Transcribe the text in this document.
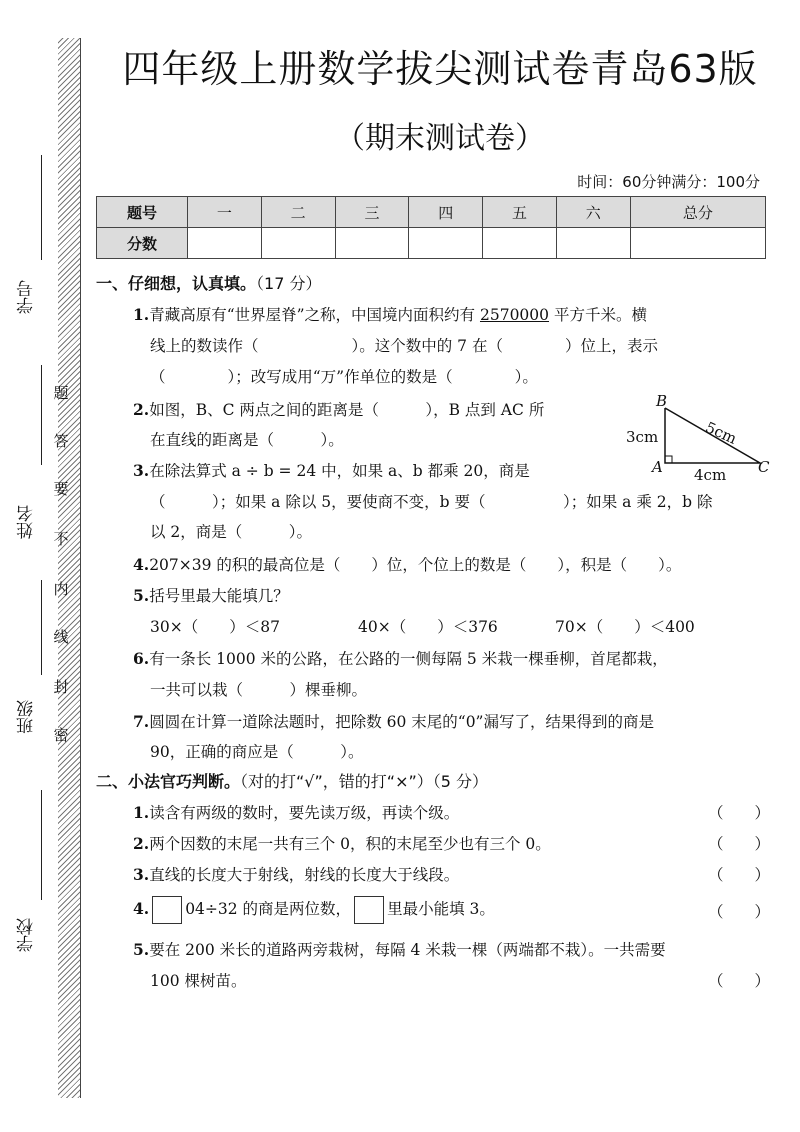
学号
姓名
班级
学校
题
答
要
不
内
线
封
密
四年级上册数学拔尖测试卷青岛63版
（期末测试卷）
时间：60分钟满分：100分
题号	一	二	三	四	五	六	总分
分数							
一、仔细想，认真填。（17 分）
1.青藏高原有“世界屋脊”之称，中国境内面积约有 2570000 平方千米。横
线上的数读作（　　　　　　）。这个数中的 7 在（　　　　）位上，表示
（　　　　）；改写成用“万”作单位的数是（　　　　）。
2.如图，B、C 两点之间的距离是（　　　），B 点到 AC 所
在直线的距离是（　　　）。
B
A	C
3cm	5cm
4cm
3.在除法算式 a ÷ b = 24 中，如果 a、b 都乘 20，商是
（　　　）；如果 a 除以 5，要使商不变，b 要（　　　　　）；如果 a 乘 2，b 除
以 2，商是（　　　）。
4.207×39 的积的最高位是（　　）位，个位上的数是（　　），积是（　　）。
5.括号里最大能填几？
30×（　　）＜87	40×（　　）＜376	70×（　　）＜400
6.有一条长 1000 米的公路，在公路的一侧每隔 5 米栽一棵垂柳，首尾都栽，
一共可以栽（　　　）棵垂柳。
7.圆圆在计算一道除法题时，把除数 60 末尾的“0”漏写了，结果得到的商是
90，正确的商应是（　　　）。
二、小法官巧判断。（对的打“√”，错的打“×”）（5 分）
1.读含有两级的数时，要先读万级，再读个级。	（　　）
2.两个因数的末尾一共有三个 0，积的末尾至少也有三个 0。	（　　）
3.直线的长度大于射线，射线的长度大于线段。	（　　）
4. 04÷32 的商是两位数， 里最小能填 3。	（　　）
5.要在 200 米长的道路两旁栽树，每隔 4 米栽一棵（两端都不栽）。一共需要
100 棵树苗。	（　　）
